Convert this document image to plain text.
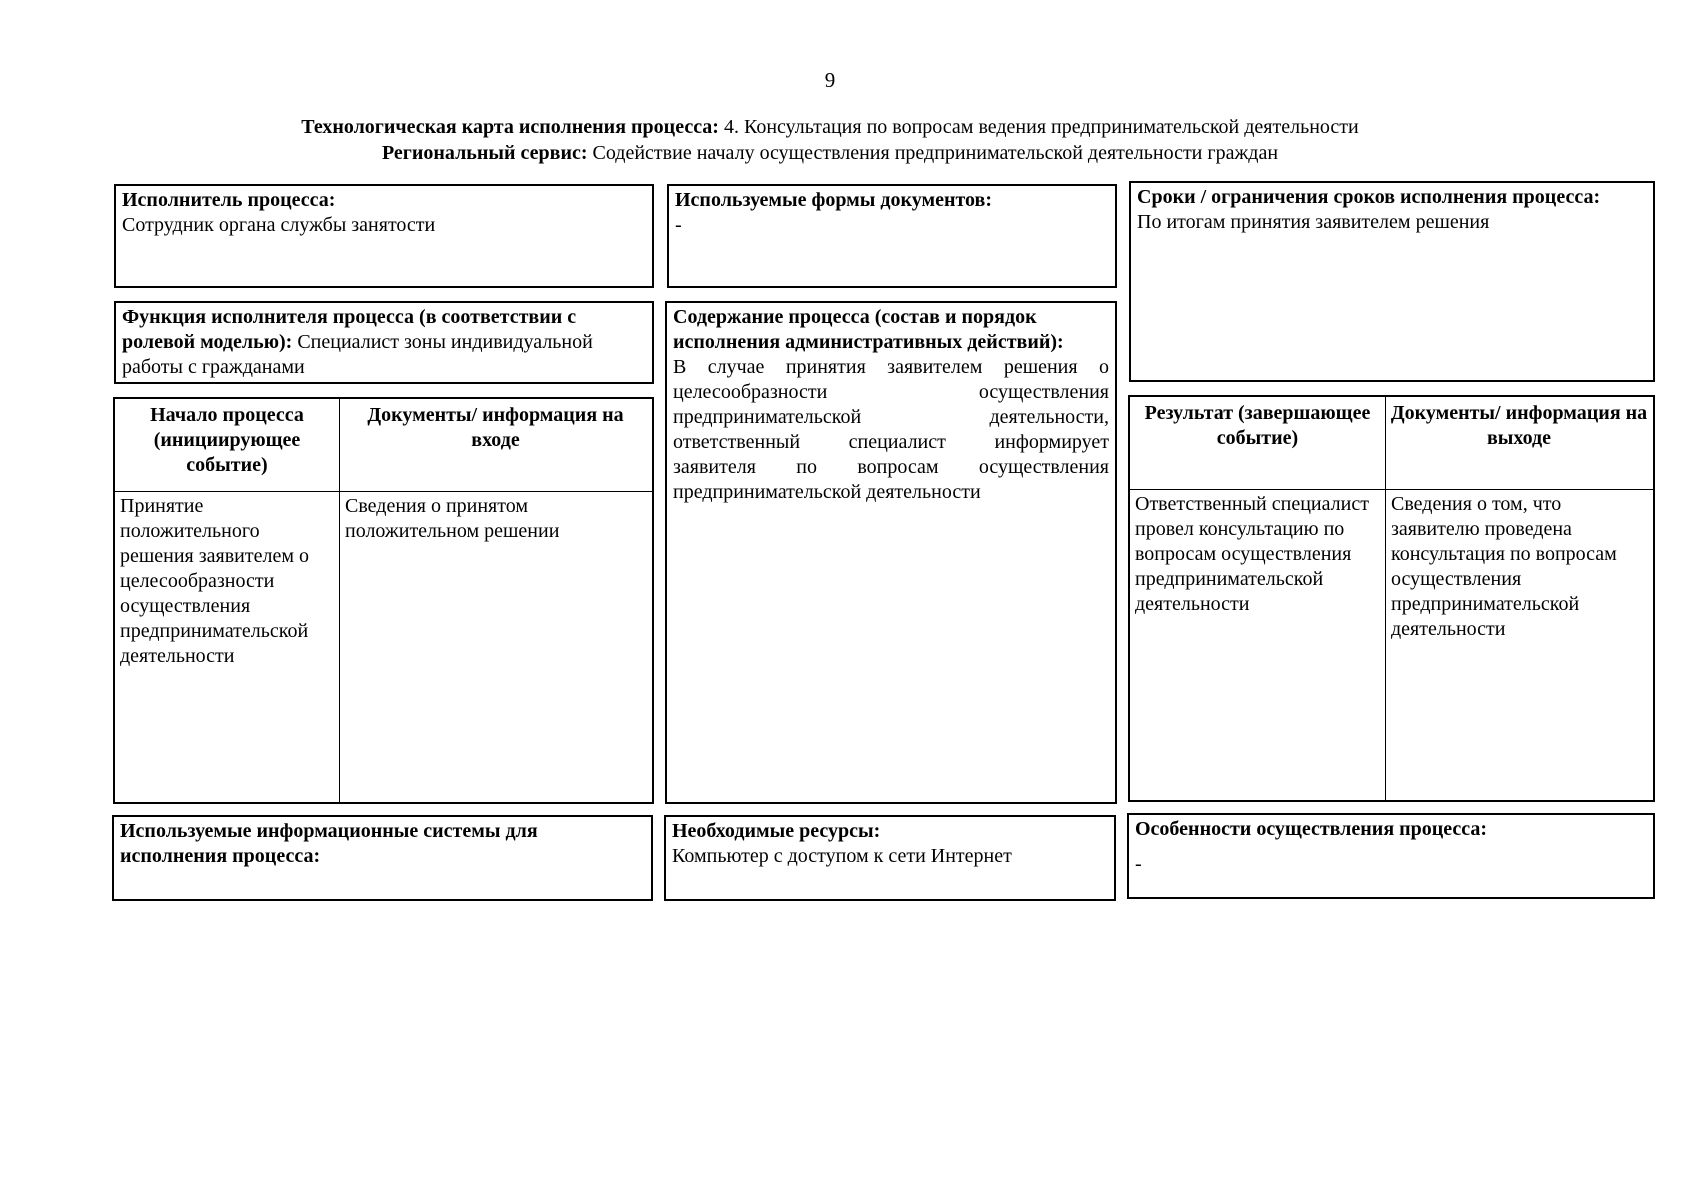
9
Технологическая карта исполнения процесса: 4. Консультация по вопросам ведения предпринимательской деятельности
Региональный сервис: Содействие началу осуществления предпринимательской деятельности граждан
Исполнитель процесса:
Сотрудник органа службы занятости
Используемые формы документов:
-
Сроки / ограничения сроков исполнения процесса:
По итогам принятия заявителем решения
Функция исполнителя процесса (в соответствии с ролевой моделью): Специалист зоны индивидуальной работы с гражданами
Содержание процесса (состав и порядок исполнения административных действий):
В случае принятия заявителем решения о целесообразности осуществления предпринимательской деятельности, ответственный специалист информирует заявителя по вопросам осуществления предпринимательской деятельности
Начало процесса (инициирующее событие)
Документы/ информация на входе
Принятие положительного решения заявителем о целесообразности осуществления предпринимательской деятельности
Сведения о принятом положительном решении
Результат (завершающее событие)
Документы/ информация на выходе
Ответственный специалист провел консультацию по вопросам осуществления предпринимательской деятельности
Сведения о том, что заявителю проведена консультация по вопросам осуществления предпринимательской деятельности
Используемые информационные системы для исполнения процесса:
Необходимые ресурсы:
Компьютер с доступом к сети Интернет
Особенности осуществления процесса:
-
